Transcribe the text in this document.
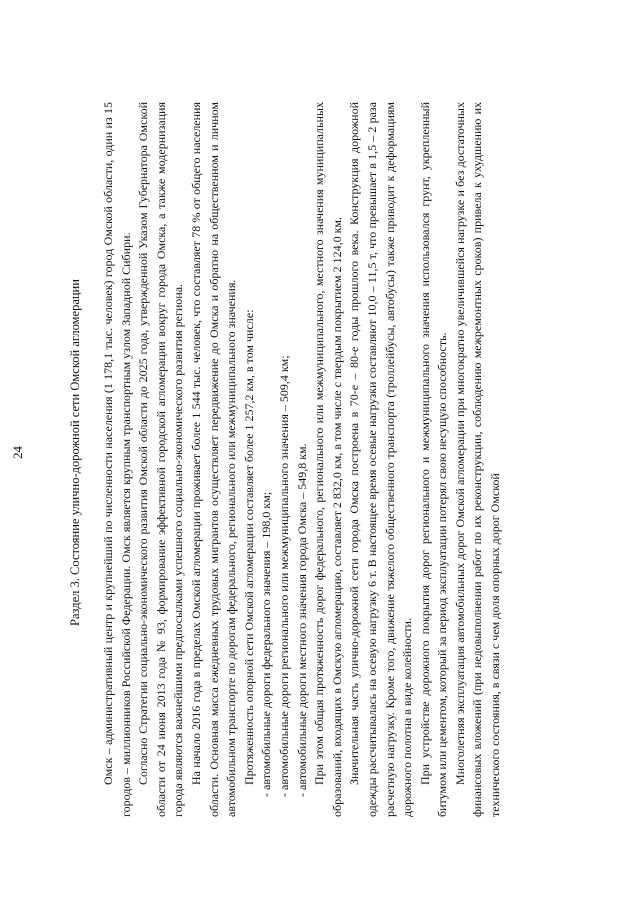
24	Раздел 3. Состояние улично-дорожной сети Омской агломерации Омск – административный центр и крупнейший по численности населения (1 178,1 тыс. человек) город Омской области, один из 15 городов – миллионников Российской Федерации. Омск является крупным транспортным узлом Западной Сибири. Согласно Стратегии социально-экономического развития Омской области до 2025 года, утвержденной Указом Губернатора Омской области от 24 июня 2013 года № 93, формирование эффективной городской агломерации вокруг города Омска, а также модернизация города являются важнейшими предпосылками успешного социально-экономического развития региона. На начало 2016 года в пределах Омской агломерации проживает более 1 544 тыс. человек, что составляет 78 % от общего населения области. Основная масса ежедневных трудовых мигрантов осуществляет передвижение до Омска и обратно на общественном и личном автомобильном транспорте по дорогам федерального, регионального или межмуниципального значения. Протяженность опорной сети Омской агломерации составляет более 1 257,2 км, в том числе: - автомобильные дороги федерального значения – 198,0 км; - автомобильные дороги регионального или межмуниципального значения – 509,4 км; - автомобильные дороги местного значения города Омска – 549,8 км. При этом общая протяженность дорог федерального, регионального или межмуниципального, местного значения муниципальных образований, входящих в Омскую агломерацию, составляет 2 832,0 км, в том числе с твердым покрытием 2 124,0 км. Значительная часть улично-дорожной сети города Омска построена в 70-е – 80-е годы прошлого века. Конструкция дорожной одежды рассчитывалась на осевую нагрузку 6 т. В настоящее время осевые нагрузки составляют 10,0 – 11,5 т, что превышает в 1,5 – 2 раза расчетную нагрузку. Кроме того, движение тяжелого общественного транспорта (троллейбусы, автобусы) также приводит к деформациям дорожного полотна в виде колейности. При устройстве дорожного покрытия дорог регионального и межмуниципального значения использовался грунт, укрепленный битумом или цементом, который за период эксплуатации потерял свою несущую способность. Многолетняя эксплуатация автомобильных дорог Омской агломерации при многократно увеличившейся нагрузке и без достаточных финансовых вложений (при недовыполнении работ по их реконструкции, соблюдению межремонтных сроков) привела к ухудшению их технического состояния, в связи с чем доля опорных дорог Омской
